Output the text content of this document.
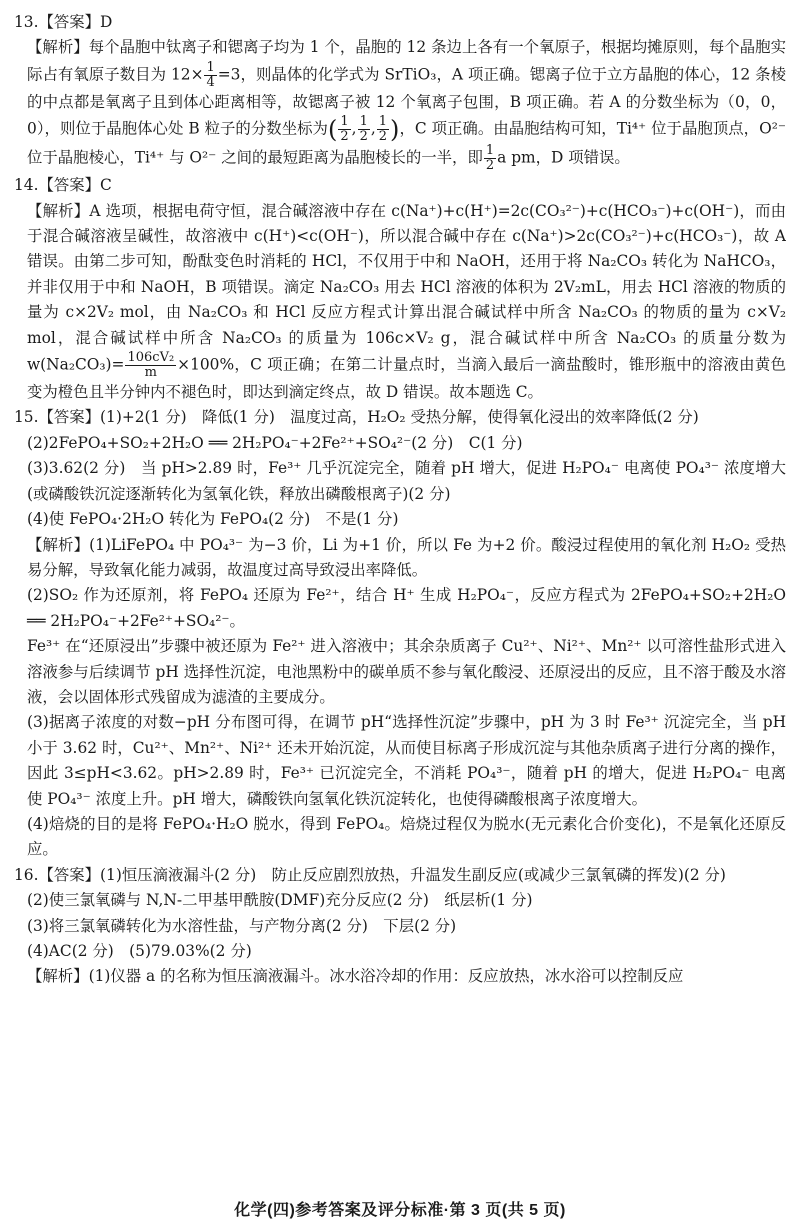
13.【答案】D
【解析】每个晶胞中钛离子和锶离子均为 1 个，晶胞的 12 条边上各有一个氧原子，根据均摊原则，每个晶胞实际占有氧原子数目为 $12\times \frac{1}{4} =3$，则晶体的化学式为 SrTiO₃，A 项正确。锶离子位于立方晶胞的体心，12 条棱的中点都是氧离子且到体心距离相等，故锶离子被 12 个氧离子包围，B 项正确。若 A 的分数坐标为（0，0，0），则位于晶胞体心处 B 粒子的分数坐标为( $\frac{1}{2}$ , $\frac{1}{2}$ , $\frac{1}{2}$ )，C 项正确。由晶胞结构可知，Ti⁴⁺ 位于晶胞顶点，O²⁻ 位于晶胞棱心，Ti⁴⁺ 与 O²⁻ 之间的最短距离为晶胞棱长的一半，即 $\frac{1}{2}$ a pm，D 项错误。
14.【答案】C
【解析】A 选项，根据电荷守恒，混合碱溶液中存在 c(Na⁺)+c(H⁺)=2c(CO₃²⁻)+c(HCO₃⁻)+c(OH⁻)，而由于混合碱溶液呈碱性，故溶液中 c(H⁺)<c(OH⁻)，所以混合碱中存在 c(Na⁺)>2c(CO₃²⁻)+c(HCO₃⁻)，故 A 错误。由第二步可知，酚酞变色时消耗的 HCl，不仅用于中和 NaOH，还用于将 Na₂CO₃ 转化为 NaHCO₃，并非仅用于中和 NaOH，B 项错误。滴定 Na₂CO₃ 用去 HCl 溶液的体积为 2V₂mL，用去 HCl 溶液的物质的量为 c×2V₂ mol，由 Na₂CO₃ 和 HCl 反应方程式计算出混合碱试样中所含 Na₂CO₃ 的物质的量为 c×V₂ mol，混合碱试样中所含 Na₂CO₃ 的质量为 106c×V₂ g，混合碱试样中所含 Na₂CO₃ 的质量分数为 $w(Na_2CO_3)= \frac{\text{106cV₂}}{m} \times 100\%$，C 项正确；在第二计量点时，当滴入最后一滴盐酸时，锥形瓶中的溶液由黄色变为橙色且半分钟内不褪色时，即达到滴定终点，故 D 错误。故本题选 C。
15.【答案】(1)+2(1 分)　降低(1 分)　温度过高，H₂O₂ 受热分解，使得氧化浸出的效率降低(2 分)
(2)2FePO₄+SO₂+2H₂O ══ 2H₂PO₄⁻+2Fe²⁺+SO₄²⁻(2 分)　C(1 分)
(3)3.62(2 分)　当 pH>2.89 时，Fe³⁺ 几乎沉淀完全，随着 pH 增大，促进 H₂PO₄⁻ 电离使 PO₄³⁻ 浓度增大(或磷酸铁沉淀逐渐转化为氢氧化铁，释放出磷酸根离子)(2 分)
(4)使 FePO₄·2H₂O 转化为 FePO₄(2 分)　不是(1 分)
【解析】(1)LiFePO₄ 中 PO₄³⁻ 为−3 价，Li 为+1 价，所以 Fe 为+2 价。酸浸过程使用的氧化剂 H₂O₂ 受热易分解，导致氧化能力减弱，故温度过高导致浸出率降低。
(2)SO₂ 作为还原剂，将 FePO₄ 还原为 Fe²⁺，结合 H⁺ 生成 H₂PO₄⁻，反应方程式为 2FePO₄+SO₂+2H₂O ══ 2H₂PO₄⁻+2Fe²⁺+SO₄²⁻。
Fe³⁺ 在“还原浸出”步骤中被还原为 Fe²⁺ 进入溶液中；其余杂质离子 Cu²⁺、Ni²⁺、Mn²⁺ 以可溶性盐形式进入溶液参与后续调节 pH 选择性沉淀，电池黑粉中的碳单质不参与氧化酸浸、还原浸出的反应，且不溶于酸及水溶液，会以固体形式残留成为滤渣的主要成分。
(3)据离子浓度的对数−pH 分布图可得，在调节 pH“选择性沉淀”步骤中，pH 为 3 时 Fe³⁺ 沉淀完全，当 pH 小于 3.62 时，Cu²⁺、Mn²⁺、Ni²⁺ 还未开始沉淀，从而使目标离子形成沉淀与其他杂质离子进行分离的操作，因此 3≤pH<3.62。pH>2.89 时，Fe³⁺ 已沉淀完全，不消耗 PO₄³⁻，随着 pH 的增大，促进 H₂PO₄⁻ 电离使 PO₄³⁻ 浓度上升。pH 增大，磷酸铁向氢氧化铁沉淀转化，也使得磷酸根离子浓度增大。
(4)焙烧的目的是将 FePO₄·H₂O 脱水，得到 FePO₄。焙烧过程仅为脱水(无元素化合价变化)，不是氧化还原反应。
16.【答案】(1)恒压滴液漏斗(2 分)　防止反应剧烈放热，升温发生副反应(或减少三氯氧磷的挥发)(2 分)
(2)使三氯氧磷与 N,N-二甲基甲酰胺(DMF)充分反应(2 分)　纸层析(1 分)
(3)将三氯氧磷转化为水溶性盐，与产物分离(2 分)　下层(2 分)
(4)AC(2 分)　(5)79.03%(2 分)
【解析】(1)仪器 a 的名称为恒压滴液漏斗。冰水浴冷却的作用：反应放热，冰水浴可以控制反应
化学(四)参考答案及评分标准·第 3 页(共 5 页)
